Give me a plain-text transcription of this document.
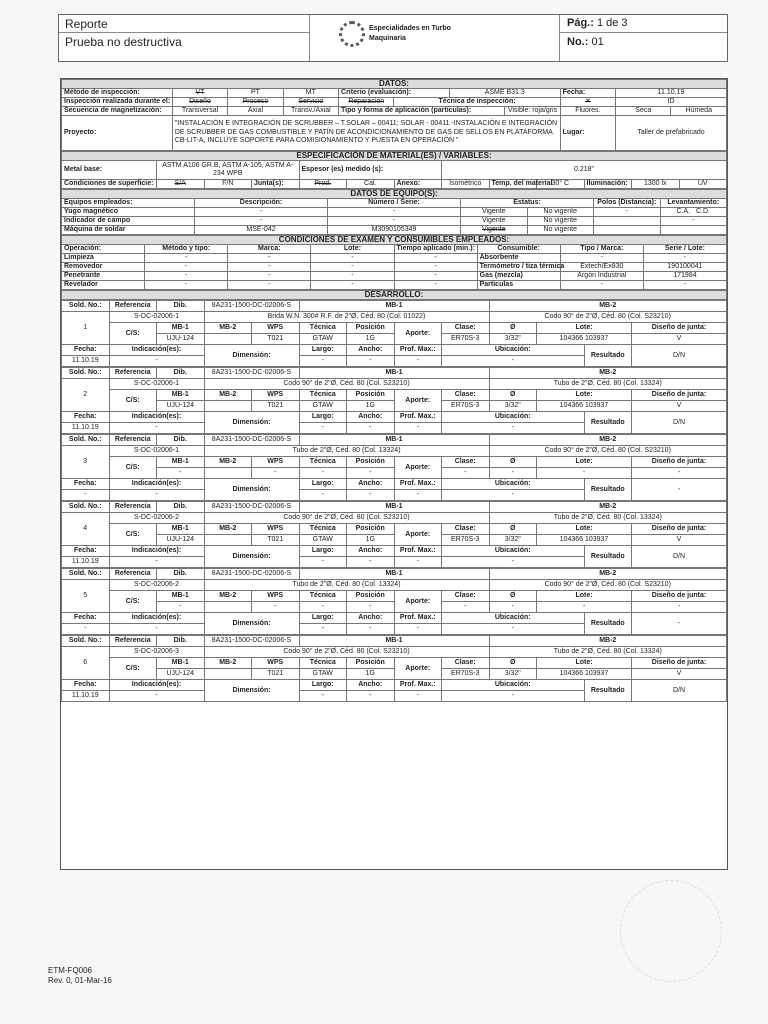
Reporte
Prueba no destructiva
Especialidades en Turbo
Maquinaria
Pág.: 1 de 3
No.: 01
DATOS:										
Método de inspección:	VT	PT	MT	Criterio (evaluación):		ASME B31.3		Fecha:	11.10.19	
Inspección realizada durante el:	Diseño	Proceso	Servicio	Reparación	Técnica de inspección:			✕	ID	
Secuencia de magnetización:	Transversal	Axial	Transv./Axial	Tipo y forma de aplicación (partículas):			Visible: roja/gris	Fluores.	Seca	Húmeda
Proyecto:	"INSTALACIÓN E INTEGRACIÓN DE SCRUBBER – T.SOLAR – 00411; SOLAR - 00411 -INSTALACIÓN E INTEGRACIÓN DE SCRUBBER DE GAS COMBUSTIBLE Y PATÍN DE ACONDICIONAMIENTO DE GAS DE SELLOS EN PLATAFORMA CB-LIT-A, INCLUYE SOPORTE PARA COMISIONAMIENTO Y PUESTA EN OPERACIÓN "							Lugar:	Taller de prefabricado	
ESPECIFICACIÓN DE MATERIAL(ES) / VARIABLES:												
Metal base:	ASTM A106 GR.B, ASTM A-105, ASTM A-234 WPB			Espesor (es) medido (s):			0.218"					
Condiciones de superficie:	S/A	F/N	Junta(s):	Prod.	Cal.	Anexo:	Isométrico	Temp. del material	30° C	Iluminación:	1300 lx	UV
DATOS DE EQUIPO(S):						
Equipos empleados:	Descripción:	Número / Serie:	Estatus:		Polos (Distancia):	Levantamiento:
Yugo magnético	-	-	Vigente	No vigente	-	C.A. C.D.
Indicador de campo	-	-	Vigente	No vigente		-
Máquina de soldar	MSE-042	M3090105349	Vigente	No vigente		
CONDICIONES DE EXAMEN Y CONSUMIBLES EMPLEADOS:							
Operación:	Método y tipo:	Marca:	Lote:	Tiempo aplicado (min.):	Consumible:	Tipo / Marca:	Serie / Lote:
Limpieza	-	-	-	-	Absorbente	-	-
Removedor	-	-	-	-	Termómetro / tiza térmica	Extech/Ex830	190100041
Penetrante	-	-	-	-	Gas (mezcla)	Argón Industrial	171984
Revelador	-	-	-	-	Partículas	-	-
DESARROLLO:
Sold. No.:	Referencia	Dib.	8A231-1500-DC-02006-S		MB-1				MB-2			
1	S-DC-02006-1		Brida W.N. 300# R.F. de 2"Ø, Céd. 80 (Col. 01022)						Codo 90° de 2"Ø, Céd. 80 (Col. S23210)			
	C/S:	MB-1	MB-2	WPS	Técnica	Posición	Aporte:	Clase:	Ø	Lote:		Diseño de junta:
		UJU-124		T021	GTAW	1G		ER70S-3	3/32"	104366 103937		V
Fecha:	Indicación(es):		Dimensión:		Largo:	Ancho:	Prof. Max.:	Ubicación:			Resultado	D/N
11.10.19	-				-	-	-	-				
Sold. No.:	Referencia	Dib.	8A231-1500-DC-02006-S		MB-1				MB-2			
2	S-DC-02006-1		Codo 90° de 2"Ø, Céd. 80 (Col. S23210)						Tubo de 2"Ø, Céd. 80 (Col. 13324)			
	C/S:	MB-1	MB-2	WPS	Técnica	Posición	Aporte:	Clase:	Ø	Lote:		Diseño de junta:
		UJU-124		T021	GTAW	1G		ER70S-3	3/32"	104366 103937		V
Fecha:	Indicación(es):		Dimensión:		Largo:	Ancho:	Prof. Max.:	Ubicación:			Resultado	D/N
11.10.19	-				-	-	-	-				
Sold. No.:	Referencia	Dib.	8A231-1500-DC-02006-S		MB-1				MB-2			
3	S-DC-02006-1		Tubo de 2"Ø, Céd. 80 (Col. 13324)						Codo 90° de 2"Ø, Céd. 80 (Col. S23210)			
	C/S:	MB-1	MB-2	WPS	Técnica	Posición	Aporte:	Clase:	Ø	Lote:		Diseño de junta:
		-		-	-	-		-	-	-		-
Fecha:	Indicación(es):		Dimensión:		Largo:	Ancho:	Prof. Max.:	Ubicación:			Resultado	-
-	-				-	-	-	-				
Sold. No.:	Referencia	Dib.	8A231-1500-DC-02006-S		MB-1				MB-2			
4	S-DC-02006-2		Codo 90° de 2"Ø, Céd. 80 (Col. S23210)						Tubo de 2"Ø, Céd. 80 (Col. 13324)			
	C/S:	MB-1	MB-2	WPS	Técnica	Posición	Aporte:	Clase:	Ø	Lote:		Diseño de junta:
		UJU-124		T021	GTAW	1G		ER70S-3	3/32"	104366 103937		V
Fecha:	Indicación(es):		Dimensión:		Largo:	Ancho:	Prof. Max.:	Ubicación:			Resultado	D/N
11.10.19	-				-	-	-	-				
Sold. No.:	Referencia	Dib.	8A231-1500-DC-02006-S		MB-1				MB-2			
5	S-DC-02006-2		Tubo de 2"Ø, Céd. 80 (Col. 13324)						Codo 90° de 2"Ø, Céd. 80 (Col. S23210)			
	C/S:	MB-1	MB-2	WPS	Técnica	Posición	Aporte:	Clase:	Ø	Lote:		Diseño de junta:
		-		-	-	-		-	-	-		-
Fecha:	Indicación(es):		Dimensión:		Largo:	Ancho:	Prof. Max.:	Ubicación:			Resultado	-
-	-				-	-	-	-				
Sold. No.:	Referencia	Dib.	8A231-1500-DC-02006-S		MB-1				MB-2			
6	S-DC-02006-3		Codo 90° de 2"Ø, Céd. 80 (Col. S23210)						Tubo de 2"Ø, Céd. 80 (Col. 13324)			
	C/S:	MB-1	MB-2	WPS	Técnica	Posición	Aporte:	Clase:	Ø	Lote:		Diseño de junta:
		UJU-124		T021	GTAW	1G		ER70S-3	3/32"	104366 103937		V
Fecha:	Indicación(es):		Dimensión:		Largo:	Ancho:	Prof. Max.:	Ubicación:			Resultado	D/N
11.10.19	-				-	-	-	-				
ETM-FQ006
Rev. 0, 01-Mar-16
